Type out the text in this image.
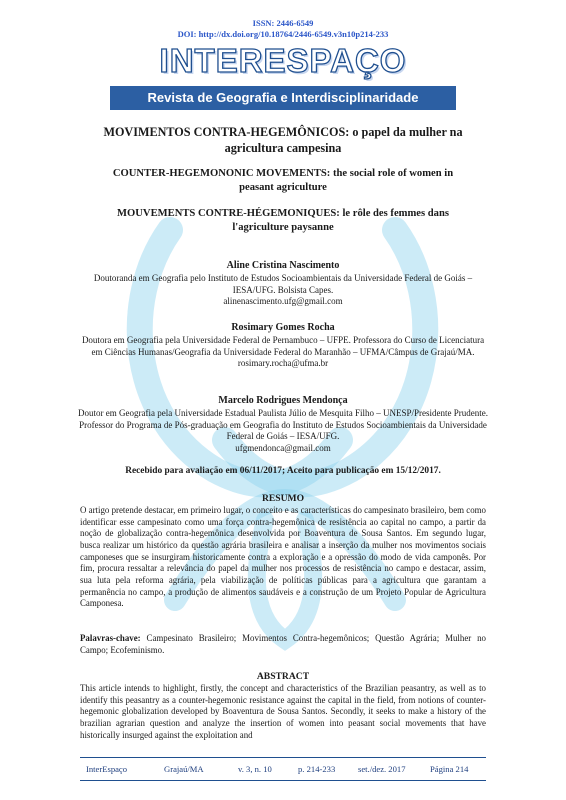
ISSN: 2446-6549
DOI: http://dx.doi.org/10.18764/2446-6549.v3n10p214-233
INTERESPAÇO
Revista de Geografia e Interdisciplinaridade
MOVIMENTOS CONTRA-HEGEMÔNICOS: o papel da mulher na agricultura campesina
COUNTER-HEGEMONONIC MOVEMENTS: the social role of women in peasant agriculture
MOUVEMENTS CONTRE-HÉGEMONIQUES: le rôle des femmes dans l'agriculture paysanne
Aline Cristina Nascimento
Doutoranda em Geografia pelo Instituto de Estudos Socioambientais da Universidade Federal de Goiás – IESA/UFG. Bolsista Capes.
alinenascimento.ufg@gmail.com
Rosimary Gomes Rocha
Doutora em Geografia pela Universidade Federal de Pernambuco – UFPE. Professora do Curso de Licenciatura em Ciências Humanas/Geografia da Universidade Federal do Maranhão – UFMA/Câmpus de Grajaú/MA.
rosimary.rocha@ufma.br
Marcelo Rodrigues Mendonça
Doutor em Geografia pela Universidade Estadual Paulista Júlio de Mesquita Filho – UNESP/Presidente Prudente. Professor do Programa de Pós-graduação em Geografia do Instituto de Estudos Socioambientais da Universidade Federal de Goiás – IESA/UFG.
ufgmendonca@gmail.com
Recebido para avaliação em 06/11/2017; Aceito para publicação em 15/12/2017.
RESUMO
O artigo pretende destacar, em primeiro lugar, o conceito e as características do campesinato brasileiro, bem como identificar esse campesinato como uma força contra-hegemônica de resistência ao capital no campo, a partir da noção de globalização contra-hegemônica desenvolvida por Boaventura de Sousa Santos. Em segundo lugar, busca realizar um histórico da questão agrária brasileira e analisar a inserção da mulher nos movimentos sociais camponeses que se insurgiram historicamente contra a exploração e a opressão do modo de vida camponês. Por fim, procura ressaltar a relevância do papel da mulher nos processos de resistência no campo e destacar, assim, sua luta pela reforma agrária, pela viabilização de políticas públicas para a agricultura que garantam a permanência no campo, a produção de alimentos saudáveis e a construção de um Projeto Popular de Agricultura Camponesa.
Palavras-chave: Campesinato Brasileiro; Movimentos Contra-hegemônicos; Questão Agrária; Mulher no Campo; Ecofeminismo.
ABSTRACT
This article intends to highlight, firstly, the concept and characteristics of the Brazilian peasantry, as well as to identify this peasantry as a counter-hegemonic resistance against the capital in the field, from notions of counter-hegemonic globalization developed by Boaventura de Sousa Santos. Secondly, it seeks to make a history of the brazilian agrarian question and analyze the insertion of women into peasant social movements that have historically insurged against the exploitation and
InterEspaço	Grajaú/MA	v. 3, n. 10	p. 214-233	set./dez. 2017	Página 214
